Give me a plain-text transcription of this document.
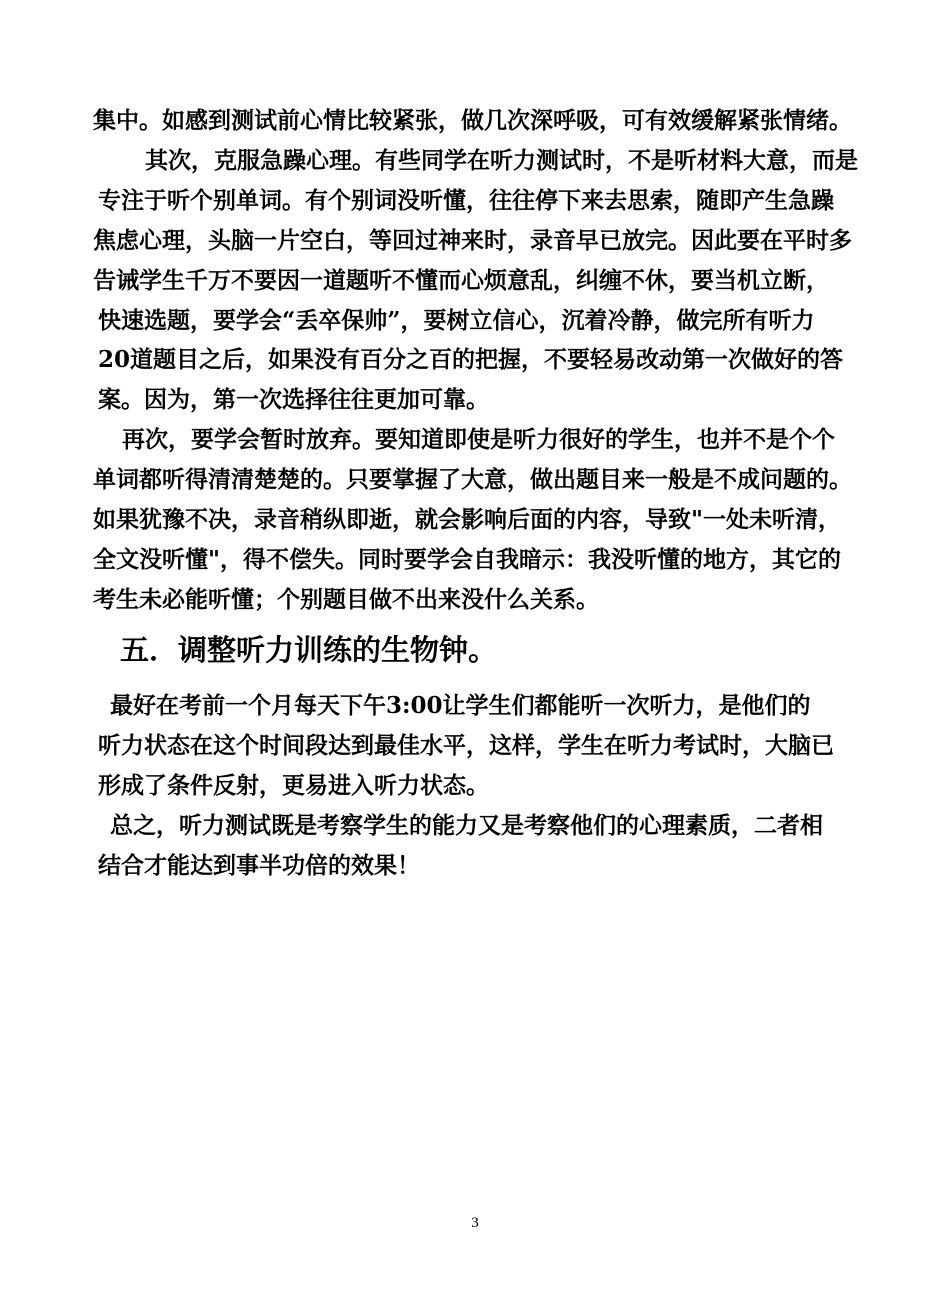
集中。如感到测试前心情比较紧张，做几次深呼吸，可有效缓解紧张情绪。
其次，克服急躁心理。有些同学在听力测试时，不是听材料大意，而是
专注于听个别单词。有个别词没听懂，往往停下来去思索，随即产生急躁
焦虑心理，头脑一片空白，等回过神来时，录音早已放完。因此要在平时多
告诫学生千万不要因一道题听不懂而心烦意乱，纠缠不休，要当机立断，
快速选题，要学会“丢卒保帅”，要树立信心，沉着冷静，做完所有听力
20道题目之后，如果没有百分之百的把握，不要轻易改动第一次做好的答
案。因为，第一次选择往往更加可靠。
再次，要学会暂时放弃。要知道即使是听力很好的学生，也并不是个个
单词都听得清清楚楚的。只要掌握了大意，做出题目来一般是不成问题的。
如果犹豫不决，录音稍纵即逝，就会影响后面的内容，导致"一处未听清，
全文没听懂"，得不偿失。同时要学会自我暗示：我没听懂的地方，其它的
考生未必能听懂；个别题目做不出来没什么关系。
五．调整听力训练的生物钟。
最好在考前一个月每天下午3:00让学生们都能听一次听力，是他们的
听力状态在这个时间段达到最佳水平，这样，学生在听力考试时，大脑已
形成了条件反射，更易进入听力状态。
总之，听力测试既是考察学生的能力又是考察他们的心理素质，二者相
结合才能达到事半功倍的效果！
3
